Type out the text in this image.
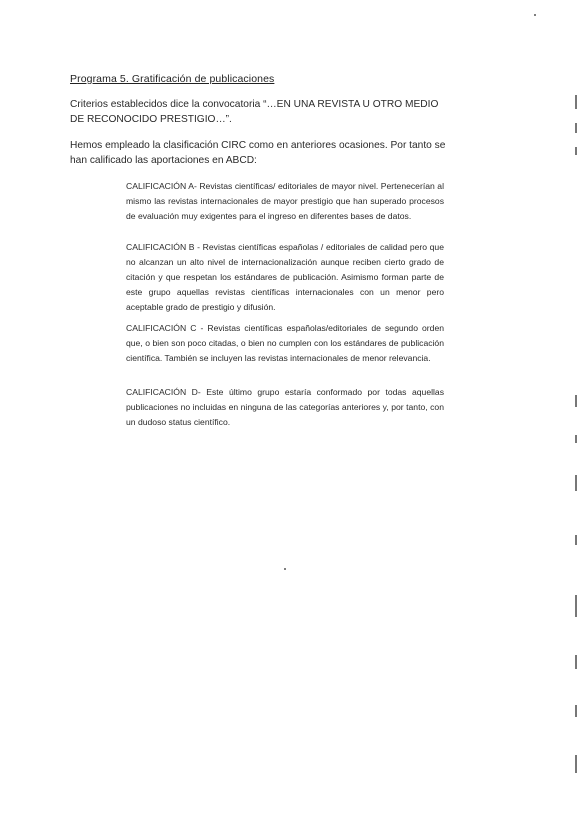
Programa 5. Gratificación de publicaciones
Criterios establecidos dice la convocatoria “…EN UNA REVISTA U OTRO MEDIO DE RECONOCIDO PRESTIGIO…”.
Hemos empleado la clasificación CIRC como en anteriores ocasiones. Por tanto se han calificado las aportaciones en ABCD:
CALIFICACIÓN A- Revistas científicas/ editoriales de mayor nivel. Pertenecerían al mismo las revistas internacionales de mayor prestigio que han superado procesos de evaluación muy exigentes para el ingreso en diferentes bases de datos.
CALIFICACIÓN B - Revistas científicas españolas / editoriales de calidad pero que no alcanzan un alto nivel de internacionalización aunque reciben cierto grado de citación y que respetan los estándares de publicación. Asimismo forman parte de este grupo aquellas revistas científicas internacionales con un menor pero aceptable grado de prestigio y difusión.
CALIFICACIÓN C - Revistas científicas españolas/editoriales de segundo orden que, o bien son poco citadas, o bien no cumplen con los estándares de publicación científica. También se incluyen las revistas internacionales de menor relevancia.
CALIFICACIÓN D- Este último grupo estaría conformado por todas aquellas publicaciones no incluidas en ninguna de las categorías anteriores y, por tanto, con un dudoso status científico.
